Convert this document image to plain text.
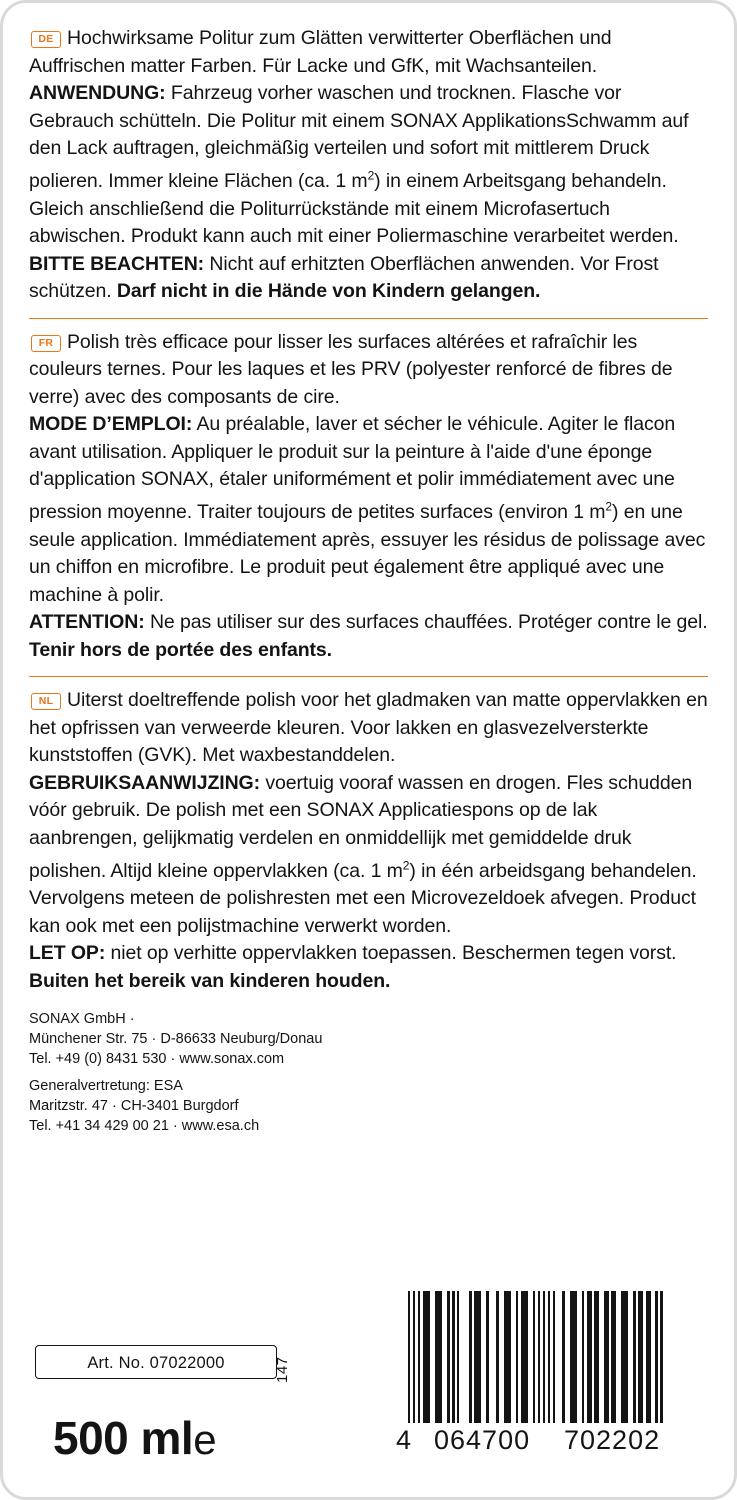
DE Hochwirksame Politur zum Glätten verwitterter Oberflächen und Auffrischen matter Farben. Für Lacke und GfK, mit Wachsanteilen.

ANWENDUNG: Fahrzeug vorher waschen und trocknen. Flasche vor Gebrauch schütteln. Die Politur mit einem SONAX ApplikationsSchwamm auf den Lack auftragen, gleichmäßig verteilen und sofort mit mittlerem Druck polieren. Immer kleine Flächen (ca. 1 $m^2$) in einem Arbeitsgang behandeln. Gleich anschließend die Politurrückstände mit einem Microfasertuch abwischen. Produkt kann auch mit einer Poliermaschine verarbeitet werden.

BITTE BEACHTEN: Nicht auf erhitzten Oberflächen anwenden. Vor Frost schützen. Darf nicht in die Hände von Kindern gelangen.

FR Polish très efficace pour lisser les surfaces altérées et rafraîchir les couleurs ternes. Pour les laques et les PRV (polyester renforcé de fibres de verre) avec des composants de cire.

MODE D’EMPLOI: Au préalable, laver et sécher le véhicule. Agiter le flacon avant utilisation. Appliquer le produit sur la peinture à l'aide d'une éponge d'application SONAX, étaler uniformément et polir immédiatement avec une pression moyenne. Traiter toujours de petites surfaces (environ 1 $m^2$) en une seule application. Immédiatement après, essuyer les résidus de polissage avec un chiffon en microfibre. Le produit peut également être appliqué avec une machine à polir.

ATTENTION: Ne pas utiliser sur des surfaces chauffées. Protéger contre le gel. Tenir hors de portée des enfants.

NL Uiterst doeltreffende polish voor het gladmaken van matte oppervlakken en het opfrissen van verweerde kleuren. Voor lakken en glasvezelversterkte kunststoffen (GVK). Met waxbestanddelen.

GEBRUIKSAANWIJZING: voertuig vooraf wassen en drogen. Fles schudden vóór gebruik. De polish met een SONAX Applicatiespons op de lak aanbrengen, gelijkmatig verdelen en onmiddellijk met gemiddelde druk polishen. Altijd kleine oppervlakken (ca. 1 $m^2$) in één arbeidsgang behandelen. Vervolgens meteen de polishresten met een Microvezeldoek afvegen. Product kan ook met een polijstmachine verwerkt worden.

LET OP: niet op verhitte oppervlakken toepassen. Beschermen tegen vorst.

Buiten het bereik van kinderen houden.

SONAX GmbH ·
Münchener Str. 75 · D-86633 Neuburg/Donau
Tel. +49 (0) 8431 530 · www.sonax.com
Generalvertretung: ESA
Maritzstr. 47 · CH-3401 Burgdorf
Tel. +41 34 429 00 21 · www.esa.ch
Art. No. 07022000	147
500 mle	4 064700 702202
